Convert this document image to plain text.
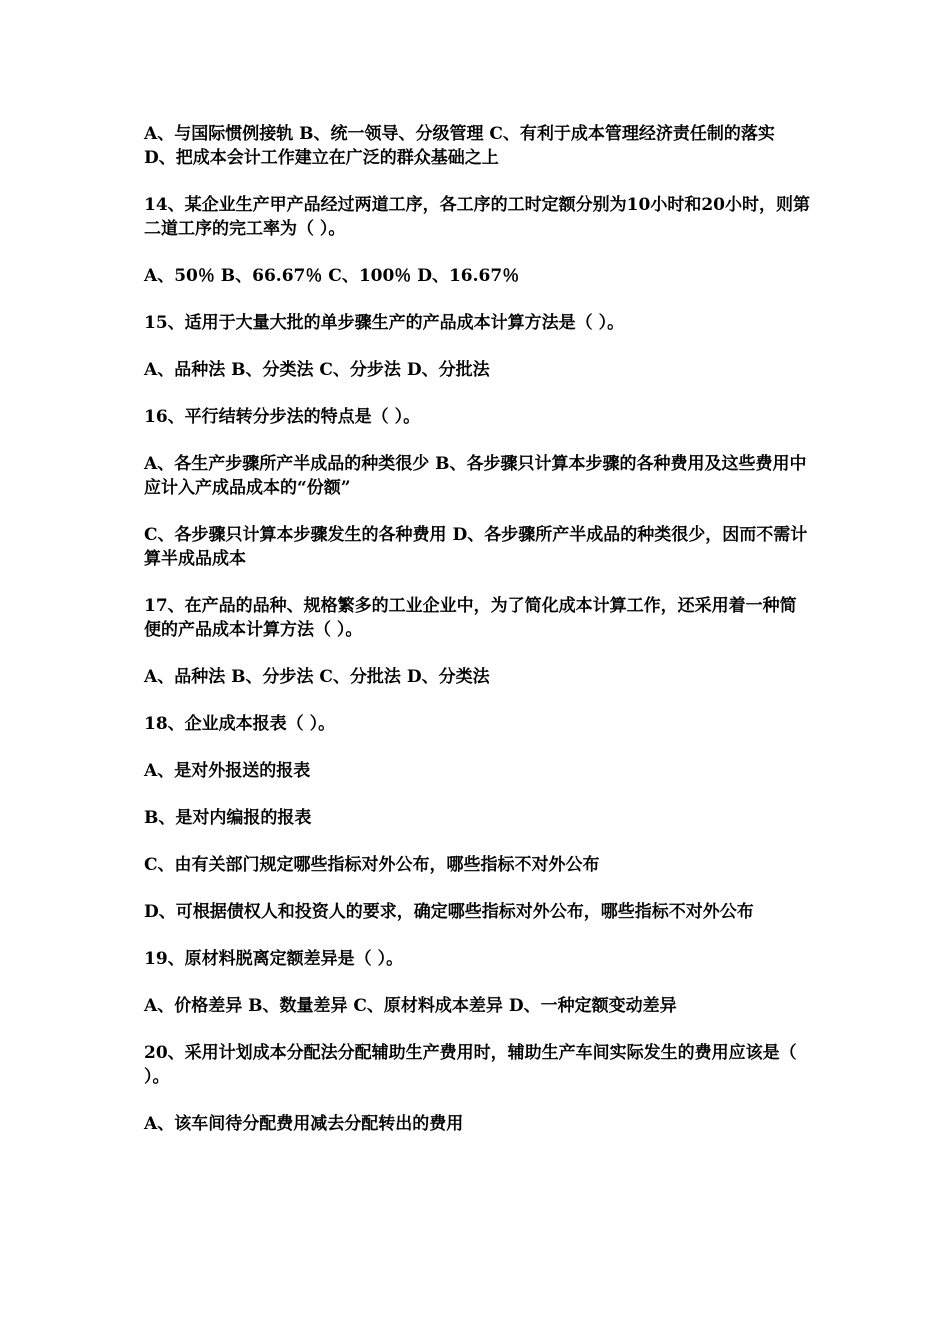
A、与国际惯例接轨 B、统一领导、分级管理 C、有利于成本管理经济责任制的落实 D、把成本会计工作建立在广泛的群众基础之上

14、某企业生产甲产品经过两道工序，各工序的工时定额分别为10小时和20小时，则第二道工序的完工率为（ ）。

A、50％ B、66.67％ C、100％ D、16.67％

15、适用于大量大批的单步骤生产的产品成本计算方法是（ ）。

A、品种法 B、分类法 C、分步法 D、分批法

16、平行结转分步法的特点是（ ）。

A、各生产步骤所产半成品的种类很少 B、各步骤只计算本步骤的各种费用及这些费用中应计入产成品成本的“份额”

C、各步骤只计算本步骤发生的各种费用 D、各步骤所产半成品的种类很少，因而不需计算半成品成本

17、在产品的品种、规格繁多的工业企业中，为了简化成本计算工作，还采用着一种简便的产品成本计算方法（ ）。

A、品种法 B、分步法 C、分批法 D、分类法

18、企业成本报表（ ）。

A、是对外报送的报表

B、是对内编报的报表

C、由有关部门规定哪些指标对外公布，哪些指标不对外公布

D、可根据债权人和投资人的要求，确定哪些指标对外公布，哪些指标不对外公布

19、原材料脱离定额差异是（ ）。

A、价格差异 B、数量差异 C、原材料成本差异 D、一种定额变动差异

20、采用计划成本分配法分配辅助生产费用时，辅助生产车间实际发生的费用应该是（ ）。

A、该车间待分配费用减去分配转出的费用
